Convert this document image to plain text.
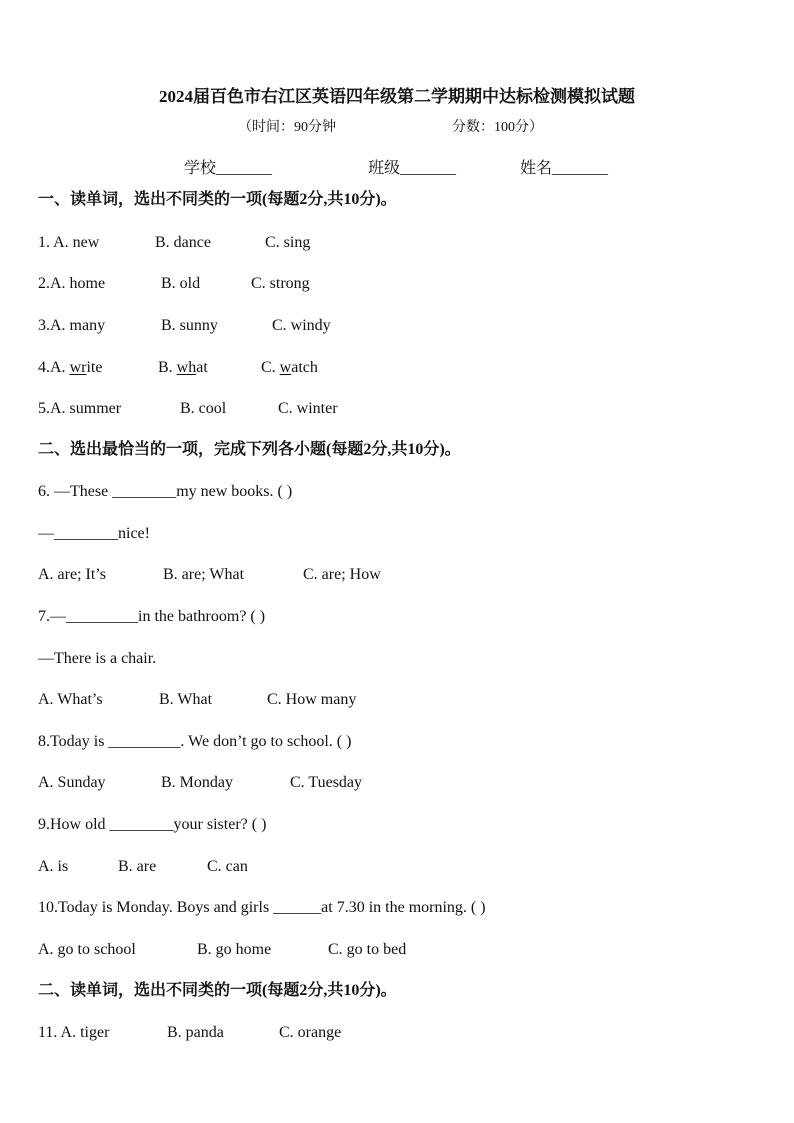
2024届百色市右江区英语四年级第二学期期中达标检测模拟试题
（时间：90分钟	分数：100分）
学校_______	班级_______	姓名_______
一、读单词，选出不同类的一项(每题2分,共10分)。
1. A. new	B. dance	C. sing
2.A. home	B. old	C. strong
3.A. many	B. sunny	C. windy
4.A. write	B. what	C. watch
5.A. summer	B. cool	C. winter
二、选出最恰当的一项，完成下列各小题(每题2分,共10分)。
6. —These ________my new books. ( )
—________nice!
A. are; It’s	B. are; What	C. are; How
7.—_________in the bathroom? ( )
—There is a chair.
A. What’s	B. What	C. How many
8.Today is _________. We don’t go to school. ( )
A. Sunday	B. Monday	C. Tuesday
9.How old ________your sister? ( )
A. is	B. are	C. can
10.Today is Monday. Boys and girls ______at 7.30 in the morning. ( )
A. go to school	B. go home	C. go to bed
二、读单词，选出不同类的一项(每题2分,共10分)。
11. A. tiger	B. panda	C. orange
